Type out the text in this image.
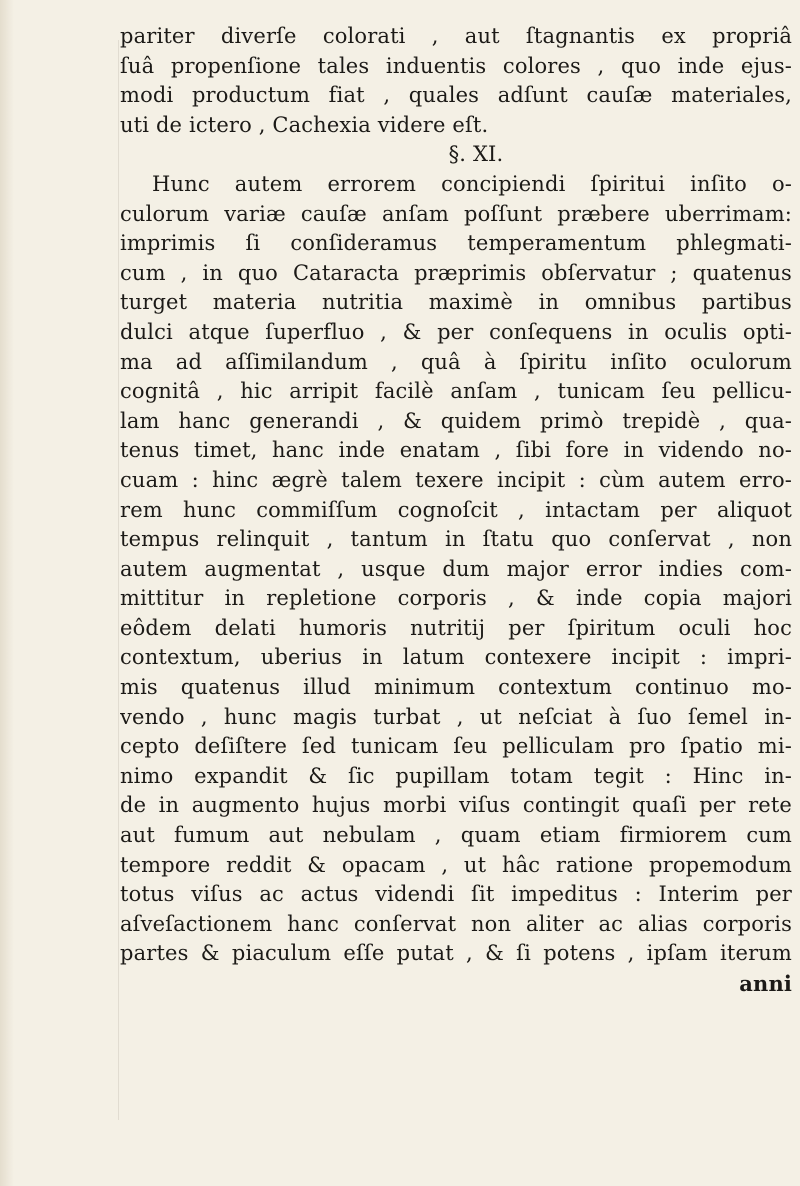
pariter diverſe colorati , aut ſtagnantis ex propriâ
ſuâ propenſione tales induentis colores , quo inde ejus-
modi productum fiat , quales adſunt cauſæ materiales,
uti de ictero , Cachexia videre eſt.
§. XI.
Hunc autem errorem concipiendi ſpiritui inſito o-
culorum variæ cauſæ anſam poſſunt præbere uberrimam:
imprimis ſi conſideramus temperamentum phlegmati-
cum , in quo Cataracta præprimis obſervatur ; quatenus
turget materia nutritia maximè in omnibus partibus
dulci atque ſuperfluo , & per conſequens in oculis opti-
ma ad aſſimilandum , quâ à ſpiritu inſito oculorum
cognitâ , hic arripit facilè anſam , tunicam ſeu pellicu-
lam hanc generandi , & quidem primò trepidè , qua-
tenus timet, hanc inde enatam , ſibi fore in videndo no-
cuam : hinc ægrè talem texere incipit : cùm autem erro-
rem hunc commiſſum cognoſcit , intactam per aliquot
tempus relinquit , tantum in ſtatu quo conſervat , non
autem augmentat , usque dum major error indies com-
mittitur in repletione corporis , & inde copia majori
eôdem delati humoris nutritij per ſpiritum oculi hoc
contextum, uberius in latum contexere incipit : impri-
mis quatenus illud minimum contextum continuo mo-
vendo , hunc magis turbat , ut neſciat à ſuo ſemel in-
cepto deſiſtere ſed tunicam ſeu pelliculam pro ſpatio mi-
nimo expandit & ſic pupillam totam tegit : Hinc in-
de in augmento hujus morbi viſus contingit quaſi per rete
aut fumum aut nebulam , quam etiam firmiorem cum
tempore reddit & opacam , ut hâc ratione propemodum
totus viſus ac actus videndi ſit impeditus : Interim per
aſveſactionem hanc conſervat non aliter ac alias corporis
partes & piaculum eſſe putat , & ſi potens , ipſam iterum
anni
